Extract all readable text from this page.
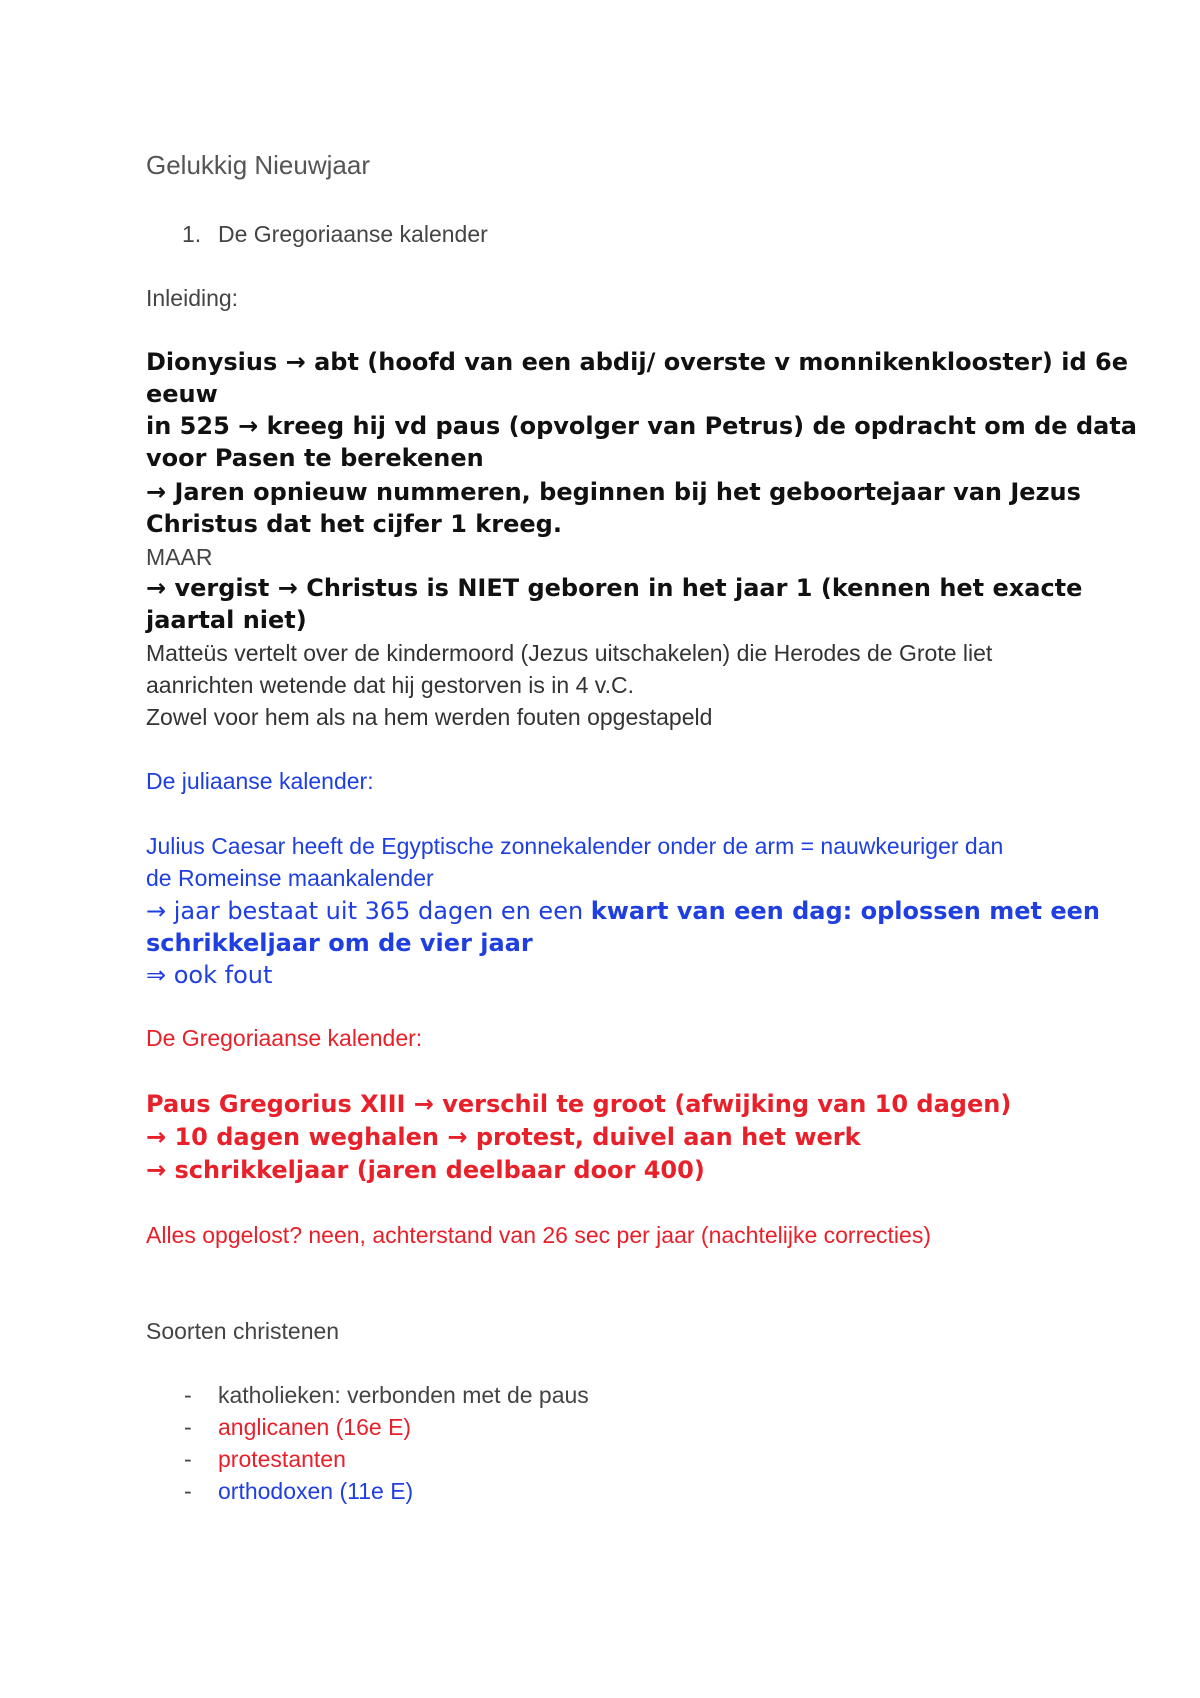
Gelukkig Nieuwjaar

1. De Gregoriaanse kalender

Inleiding:

Dionysius → abt (hoofd van een abdij/ overste v monnikenklooster) id 6e

eeuw

in 525 → kreeg hij vd paus (opvolger van Petrus) de opdracht om de data

voor Pasen te berekenen

→ Jaren opnieuw nummeren, beginnen bij het geboortejaar van Jezus

Christus dat het cijfer 1 kreeg.

MAAR

→ vergist → Christus is NIET geboren in het jaar 1 (kennen het exacte

jaartal niet)

Matteüs vertelt over de kindermoord (Jezus uitschakelen) die Herodes de Grote liet

aanrichten wetende dat hij gestorven is in 4 v.C.

Zowel voor hem als na hem werden fouten opgestapeld

De juliaanse kalender:

Julius Caesar heeft de Egyptische zonnekalender onder de arm = nauwkeuriger dan

de Romeinse maankalender

→ jaar bestaat uit 365 dagen en een kwart van een dag: oplossen met een

schrikkeljaar om de vier jaar

⇒ ook fout

De Gregoriaanse kalender:

Paus Gregorius XIII → verschil te groot (afwijking van 10 dagen)

→ 10 dagen weghalen → protest, duivel aan het werk

→ schrikkeljaar (jaren deelbaar door 400)

Alles opgelost? neen, achterstand van 26 sec per jaar (nachtelijke correcties)

Soorten christenen

- katholieken: verbonden met de paus
- anglicanen (16e E)
- protestanten
- orthodoxen (11e E)
